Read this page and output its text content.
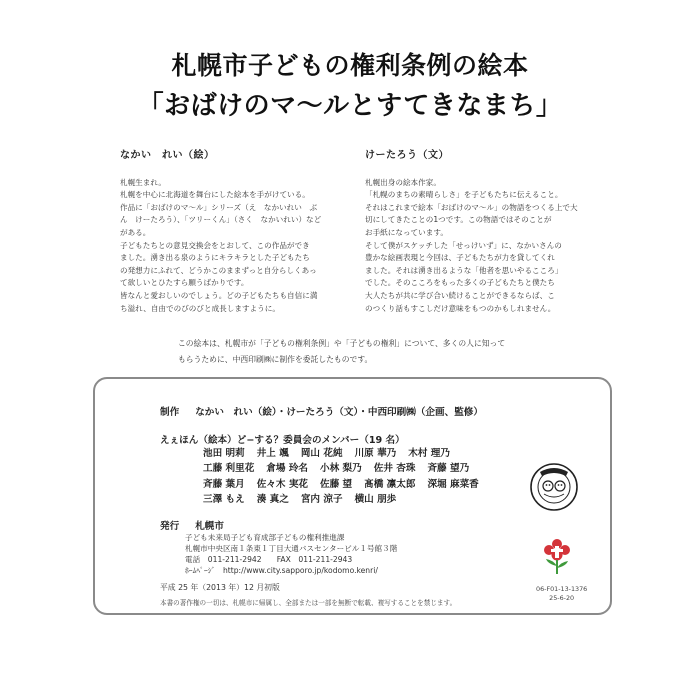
札幌市子どもの権利条例の絵本
「おばけのマ〜ルとすてきなまち」
なかい　れい（絵）

札幌生まれ。

札幌を中心に北海道を舞台にした絵本を手がけている。

作品に「おばけのマ〜ル」シリーズ（え　なかいれい　ぶ

ん　けーたろう）、「ツリーくん」（さく　なかいれい）など

がある。

子どもたちとの意見交換会をとおして、この作品ができ

ました。湧き出る泉のようにキラキラとした子どもたち

の発想力にふれて、どうかこのままずっと自分らしくあっ

て欲しいとひたすら願うばかりです。

皆なんと愛おしいのでしょう。どの子どもたちも自信に満

ち溢れ、自由でのびのびと成長しますように。

けーたろう（文）

札幌出身の絵本作家。

「札幌のまちの素晴らしさ」を子どもたちに伝えること。

それはこれまで絵本「おばけのマ〜ル」の物語をつくる上で大

切にしてきたことの1つです。この物語ではそのことが

お手紙になっています。

そして僕がスケッチした「せっけいず」に、なかいさんの

豊かな絵画表現と今回は、子どもたちが力を貸してくれ

ました。それは湧き出るような「他者を思いやるこころ」

でした。そのこころをもった多くの子どもたちと僕たち

大人たちが共に学び合い続けることができるならば、こ

のつくり話もすこしだけ意味をもつのかもしれません。

この絵本は、札幌市が「子どもの権利条例」や「子どもの権利」について、多くの人に知って

もらうために、中西印刷㈱に制作を委託したものです。

制作 なかい　れい（絵）・けーたろう（文）・中西印刷㈱（企画、監修）
えぇほん（絵本）ど−する？委員会のメンバー（19 名）
池田 明莉 井上 颯 岡山 花純 川原 華乃 木村 理乃
工藤 利里花 倉場 玲名 小林 梨乃 佐井 杏珠 斉藤 望乃
斉藤 葉月 佐々木 実花 佐藤 望 髙橋 凛太郎 深堀 麻菜香
三澤 もえ 湊 真之 宮内 涼子 横山 朋歩
発行 札幌市
子ども未来局子ども育成部子どもの権利推進課
札幌市中央区南１条東１丁目大通バスセンタービル１号館３階
電話　011-211-2942　　FAX　011-211-2943
ﾎｰﾑﾍﾟｰｼﾞ　http://www.city.sapporo.jp/kodomo.kenri/
平成 25 年（2013 年）12 月初版
本書の著作権の一切は、札幌市に帰属し、全部または一部を無断で転載、複写することを禁じます。
06-F01-13-1376
25-6-20
